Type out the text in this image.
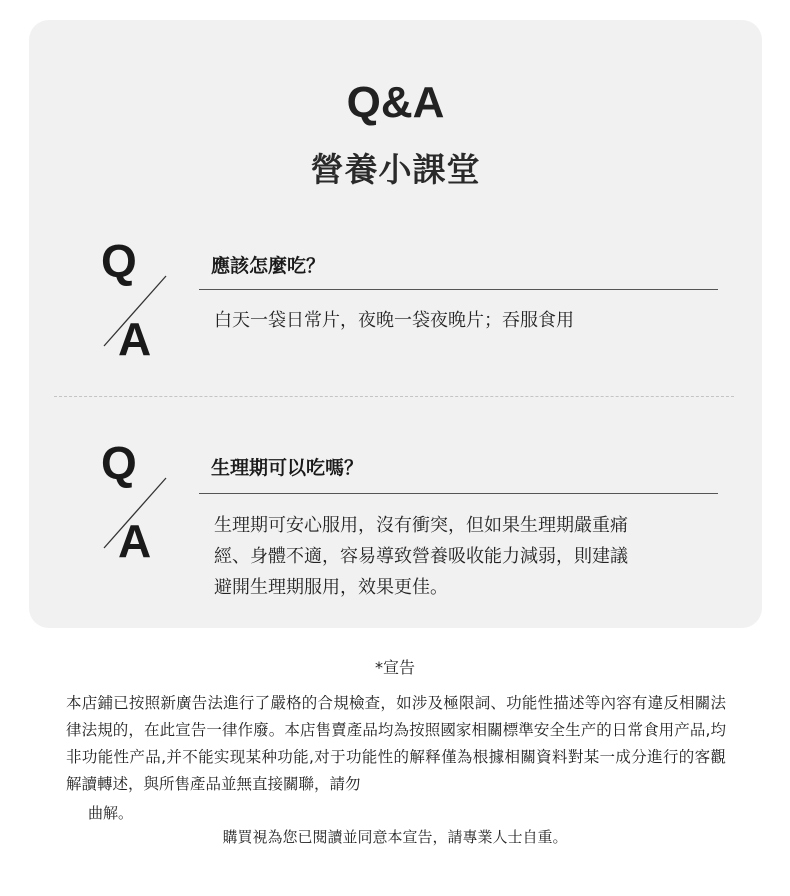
Q&A
營養小課堂
Q
A
應該怎麼吃？
白天一袋日常片，夜晚一袋夜晚片；吞服食用
Q
A
生理期可以吃嗎？
生理期可安心服用，沒有衝突，但如果生理期嚴重痛
經、身體不適，容易導致營養吸收能力減弱，則建議
避開生理期服用，效果更佳。
*宣告
本店鋪已按照新廣告法進行了嚴格的合規檢查，如涉及極限詞、功能性描述等內容有違反相關法律法規的，在此宣告一律作廢。本店售賣產品均為按照國家相關標準安全生产的日常食用产品,均非功能性产品,并不能实现某种功能,对于功能性的解释僅為根據相關資料對某一成分進行的客觀解讀轉述，與所售產品並無直接關聯，請勿
曲解。
購買視為您已閱讀並同意本宣告，請專業人士自重。
